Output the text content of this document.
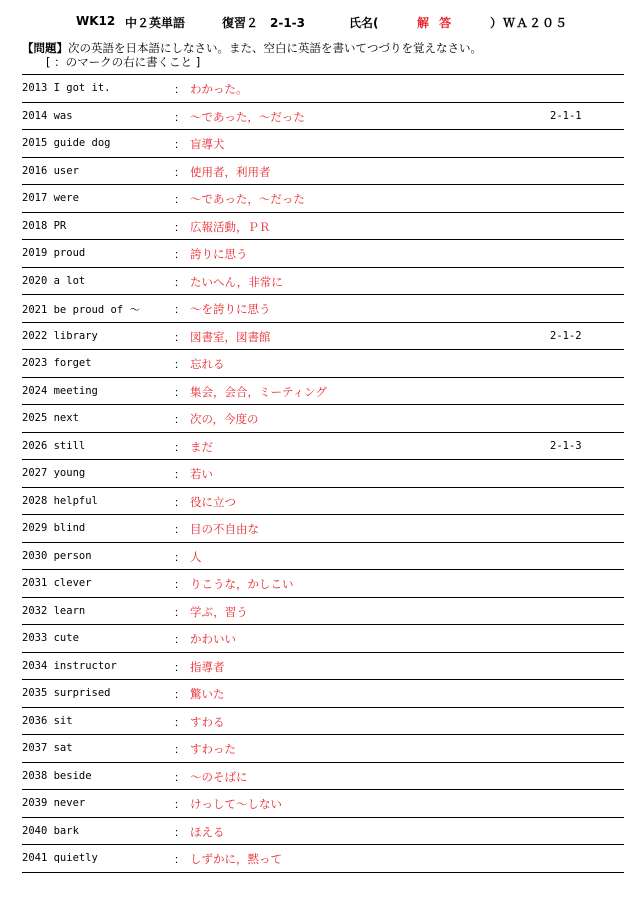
WK12 中２英単語	復習２　2-1-3	氏名(	解 答	）ＷＡ２０５
【問題】次の英語を日本語にしなさい。また、空白に英語を書いてつづりを覚えなさい。
[ ：のマークの右に書くこと ]
2013 I got it.	： わかった。
2014 was	： ～であった，～だった	2-1-1
2015 guide dog	： 盲導犬
2016 user	： 使用者，利用者
2017 were	： ～であった，～だった
2018 PR	： 広報活動，ＰＲ
2019 proud	： 誇りに思う
2020 a lot	： たいへん，非常に
2021 be proud of ～	： ～を誇りに思う
2022 library	： 図書室，図書館	2-1-2
2023 forget	： 忘れる
2024 meeting	： 集会，会合，ミーティング
2025 next	： 次の，今度の
2026 still	： まだ	2-1-3
2027 young	： 若い
2028 helpful	： 役に立つ
2029 blind	： 目の不自由な
2030 person	： 人
2031 clever	： りこうな，かしこい
2032 learn	： 学ぶ，習う
2033 cute	： かわいい
2034 instructor	： 指導者
2035 surprised	： 驚いた
2036 sit	： すわる
2037 sat	： すわった
2038 beside	： ～のそばに
2039 never	： けっして～しない
2040 bark	： ほえる
2041 quietly	： しずかに，黙って
